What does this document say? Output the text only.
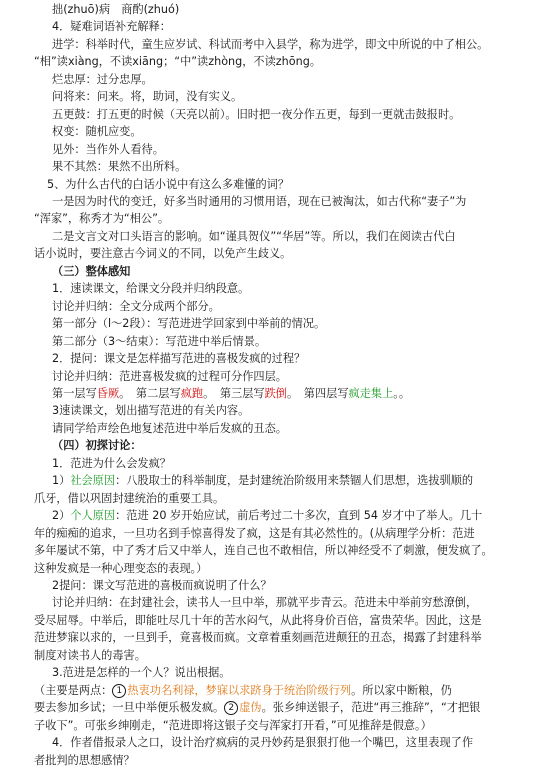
拙(zhuō)病　商酌(zhuó)
4．疑难词语补充解释：
进学：科举时代，童生应岁试、科试而考中入县学，称为进学，即文中所说的中了相公。
“相”读xiàng，不读xiāng；“中”读zhòng，不读zhōng。
烂忠厚：过分忠厚。
问将来：问来。将，助词，没有实义。
五更鼓：打五更的时候（天亮以前）。旧时把一夜分作五更，每到一更就击鼓报时。
权变：随机应变。
见外：当作外人看待。
果不其然：果然不出所料。
5、为什么古代的白话小说中有这么多难懂的词？
一是因为时代的变迁，好多当时通用的习惯用语，现在已被淘汰，如古代称“妻子”为
“浑家”，称秀才为“相公”。
二是文言文对口头语言的影响。如“谨具贺仪”“华居”等。所以，我们在阅读古代白
话小说时，要注意古今词义的不同，以免产生歧义。
（三）整体感知
1．速读课文，给课文分段并归纳段意。
讨论并归纳：全文分成两个部分。
第一部分（l～2段）：写范进进学回家到中举前的情况。
第二部分（3～结束）：写范进中举后情景。
2．提问：课文是怎样描写范进的喜极发疯的过程？
讨论并归纳：范进喜极发疯的过程可分作四层。
第一层写昏厥。　第二层写疯跑。　第三层写跌倒。　第四层写疯走集上。。
3速读课文，划出描写范进的有关内容。
请同学给声绘色地复述范进中举后发疯的丑态。
（四）初探讨论：
1．范进为什么会发疯？
1）社会原因：八股取士的科举制度，是封建统治阶级用来禁锢人们思想，选拔驯顺的
爪牙，借以巩固封建统治的重要工具。
2）个人原因：范进 20 岁开始应试，前后考过二十多次，直到 54 岁才中了举人。几十
年的痴痴的追求，一旦功名到手惊喜得发了疯，这是有其必然性的。(从病理学分析：范进
多年屡试不第，中了秀才后又中举人，连自己也不敢相信，所以神经受不了刺激，便发疯了。
这种发疯是一种心理变态的表现。）
2提问：课文写范进的喜极而疯说明了什么？
讨论并归纳：在封建社会，读书人一旦中举，那就平步青云。范进未中举前穷愁潦倒，
受尽屈辱。中举后，即能吐尽几十年的苦水闷气，从此将身价百倍，富贵荣华。因此，这是
范进梦寐以求的，一旦到手，竟喜极而疯。文章着重刻画范进颠狂的丑态，揭露了封建科举
制度对读书人的毒害。
3.范进是怎样的一个人？说出根据。
（主要是两点： 1 热衷功名利禄，梦寐以求跻身于统治阶级行列。所以家中断粮，仍
要去参加乡试；一旦中举便乐极发疯。 2 虚伪。张乡绅送银子，范进“再三推辞”，“才把银
子收下”。可张乡绅刚走，“范进即将这银子交与浑家打开看，”可见推辞是假意。）
4．作者借报录人之口，设计治疗疯病的灵丹妙药是狠狠打他一个嘴巴，这里表现了作
者批判的思想感情？
